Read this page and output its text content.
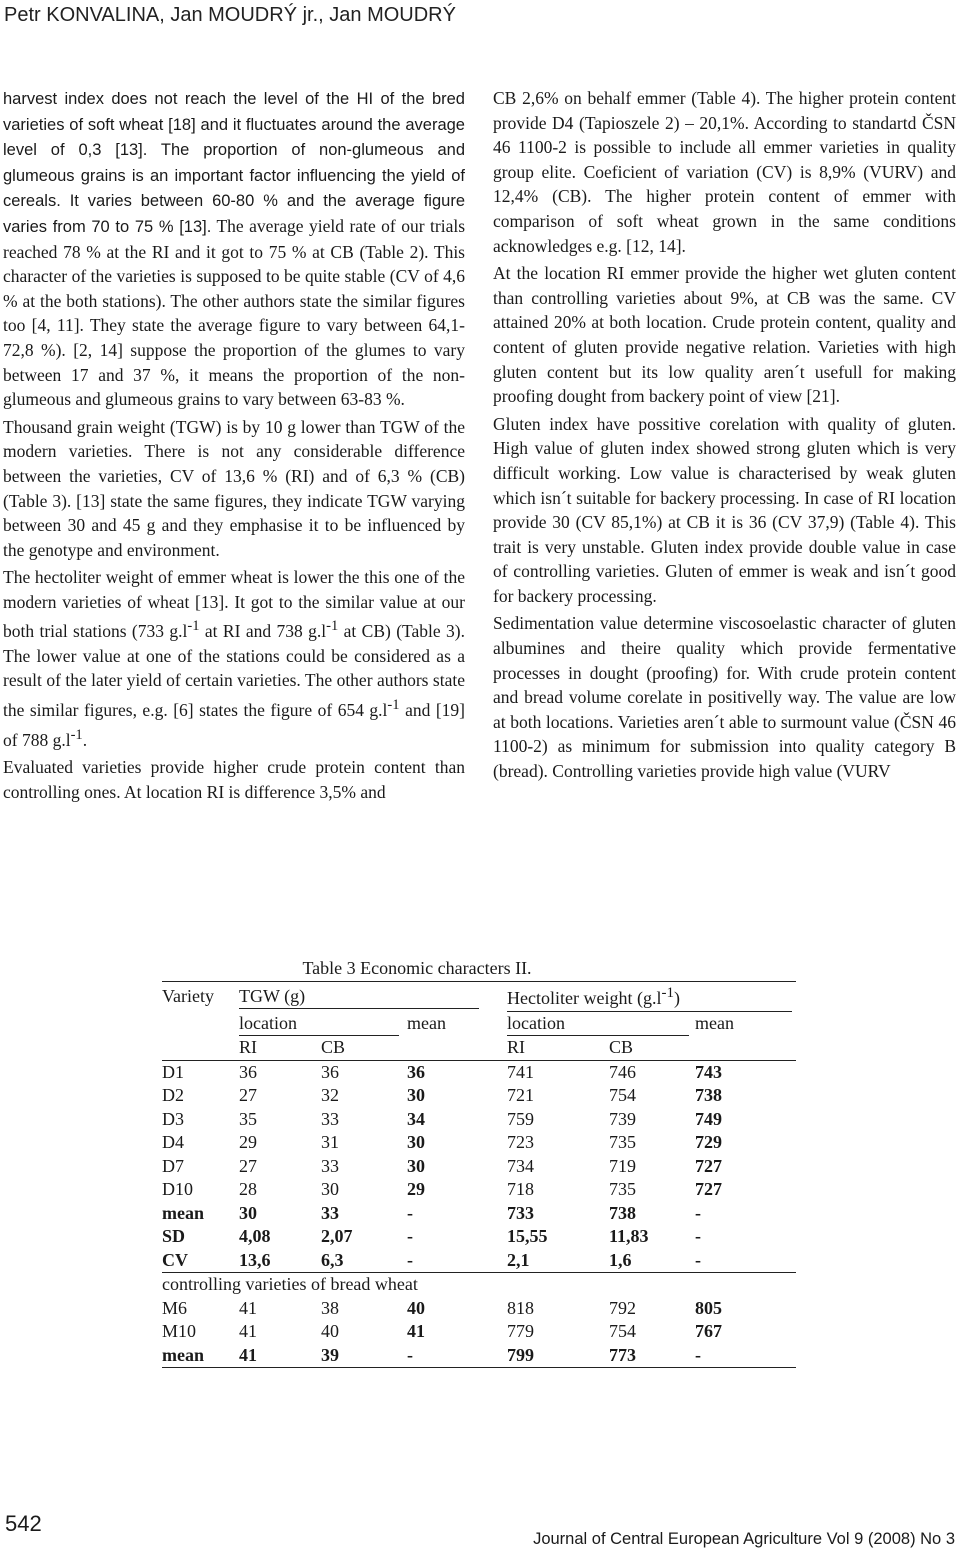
Petr KONVALINA, Jan MOUDRÝ jr., Jan MOUDRÝ

harvest index does not reach the level of the HI of the bred varieties of soft wheat [18] and it fluctuates around the average level of 0,3 [13]. The proportion of non-glumeous and glumeous grains is an important factor influencing the yield of cereals. It varies between 60-80 % and the average figure varies from 70 to 75 % [13]. The average yield rate of our trials reached 78 % at the RI and it got to 75 % at CB (Table 2). This character of the varieties is supposed to be quite stable (CV of 4,6 % at the both stations). The other authors state the similar figures too [4, 11]. They state the average figure to vary between 64,1-72,8 %). [2, 14] suppose the proportion of the glumes to vary between 17 and 37 %, it means the proportion of the non-glumeous and glumeous grains to vary between 63-83 %.

Thousand grain weight (TGW) is by 10 g lower than TGW of the modern varieties. There is not any considerable difference between the varieties, CV of 13,6 % (RI) and of 6,3 % (CB) (Table 3). [13] state the same figures, they indicate TGW varying between 30 and 45 g and they emphasise it to be influenced by the genotype and environment.

The hectoliter weight of emmer wheat is lower the this one of the modern varieties of wheat [13]. It got to the similar value at our both trial stations (733 $g.l^{-1}$ at RI and 738 $g.l^{-1}$ at CB) (Table 3). The lower value at one of the stations could be considered as a result of the later yield of certain varieties. The other authors state the similar figures, e.g. [6] states the figure of 654 $g.l^{-1}$ and [19] of 788 $g.l^{-1}$.

Evaluated varieties provide higher crude protein content than controlling ones. At location RI is difference 3,5% and

CB 2,6% on behalf emmer (Table 4). The higher protein content provide D4 (Tapioszele 2) – 20,1%. According to standartd ČSN 46 1100-2 is possible to include all emmer varieties in quality group elite. Coeficient of variation (CV) is 8,9% (VURV) and 12,4% (CB). The higher protein content of emmer with comparison of soft wheat grown in the same conditions acknowledges e.g. [12, 14].

At the location RI emmer provide the higher wet gluten content than controlling varieties about 9%, at CB was the same. CV attained 20% at both location. Crude protein content, quality and content of gluten provide negative relation. Varieties with high gluten content but its low quality aren´t usefull for making proofing dought from backery point of view [21].

Gluten index have possitive corelation with quality of gluten. High value of gluten index showed strong gluten which is very difficult working. Low value is characterised by weak gluten which isn´t suitable for backery processing. In case of RI location provide 30 (CV 85,1%) at CB it is 36 (CV 37,9) (Table 4). This trait is very unstable. Gluten index provide double value in case of controlling varieties. Gluten of emmer is weak and isn´t good for backery processing.

Sedimentation value determine viscosoelastic character of gluten albumines and theire quality which provide fermentative processes in dought (proofing) for. With crude protein content and bread volume corelate in positivelly way. The value are low at both locations. Varieties aren´t able to surmount value (ČSN 46 1100-2) as minimum for submission into quality category B (bread). Controlling varieties provide high value (VURV

Table 3 Economic characters II.
Variety	TGW (g)			Hectoliter weight $(g.l^{-1})$		
	location		mean	location		mean
	RI	CB		RI	CB	
D1	36	36	36	741	746	743
D2	27	32	30	721	754	738
D3	35	33	34	759	739	749
D4	29	31	30	723	735	729
D7	27	33	30	734	719	727
D10	28	30	29	718	735	727
mean	30	33	-	733	738	-
SD	4,08	2,07	-	15,55	11,83	-
CV	13,6	6,3	-	2,1	1,6	-
controlling varieties of bread wheat						
M6	41	38	40	818	792	805
M10	41	40	41	779	754	767
mean	41	39	-	799	773	-
542
Journal of Central European Agriculture Vol 9 (2008) No 3
